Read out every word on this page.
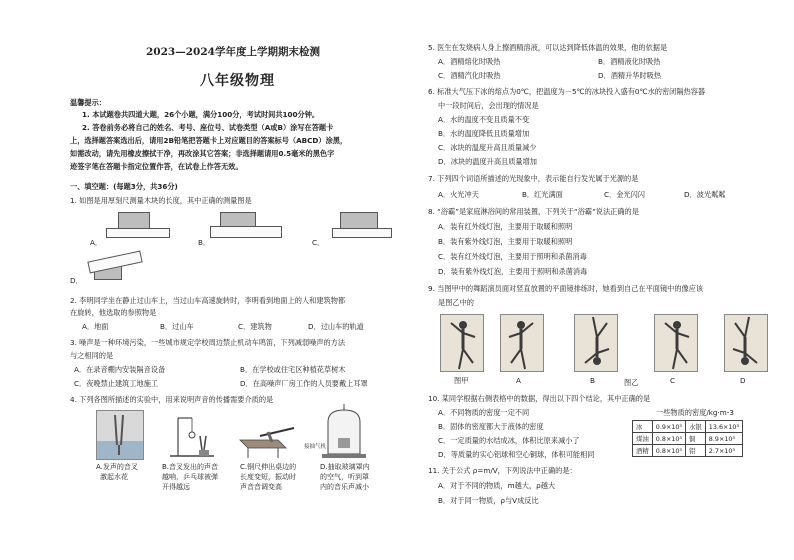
2023—2024学年度上学期期末检测
八年级物理
温馨提示：
1. 本试题卷共四道大题，26个小题，满分100分，考试时间共100分钟。
2. 答卷前务必将自己的姓名、考号、座位号、试卷类型（A或B）涂写在答题卡
上，选择题答案选出后，请用2B铅笔把答题卡上对应题目的答案标号（ABCD）涂黑，
如需改动，请先用橡皮擦拭干净，再改涂其它答案；非选择题请用0.5毫米的黑色字
迹签字笔在答题卡指定位置作答，在试卷上作答无效。
一、填空题：(每题3分，共36分)
1. 如图是用厚刻尺测量木块的长度，其中正确的测量图是
A．	B．	C．
D．
2. 李明同学坐在静止过山车上，当过山车高速旋转时，李明看到地面上的人和建筑物都
在旋转，他选取的参照物是
A．地面	B．过山车	C．建筑物	D．过山车的轨道
3. 噪声是一种环境污染，一些城市规定学校周边禁止机动车鸣笛，下列减弱噪声的方法
与之相同的是
A．在录音棚内安装隔音设备	B．在学校或住宅区种植花草树木
C．夜晚禁止建筑工地施工	D．在高噪声厂房工作的人员要戴上耳罩
4. 下列各图所描述的实验中，用来说明声音的传播需要介质的是
A.发声的音叉
激起水花
B.音叉发出的声音
越响，乒乓球被弹
开得越远
C.钢尺伸出桌边的
长度变短，振动时
声音音调变高
接抽气机
D.抽取玻璃罩内
的空气，听到罩
内的音乐声减小
5. 医生在发烧病人身上擦酒精溶液，可以达到降低体温的效果，他的依据是
A．酒精熔化时吸热	B．酒精液化时吸热
C．酒精汽化时吸热	D．酒精升华时吸热
6. 标准大气压下冰的熔点为0℃，把温度为－5℃的冰块投入盛有0℃水的密闭隔热容器
中一段时间后，会出现的情况是
A．水的温度不变且质量不变
B．水的温度降低且质量增加
C．冰块的温度升高且质量减少
D．冰块的温度升高且质量增加
7. 下列四个词语所描述的光现象中，表示能自行发光属于光源的是
A．火光冲天	B．红光满面	C．金光闪闪	D．波光粼粼
8. “浴霸”是家庭淋浴间的常用装置，下列关于“浴霸”说法正确的是
A．装有红外线灯泡，主要用于取暖和照明
B．装有紫外线灯泡，主要用于取暖和照明
C．装有红外线灯泡，主要用于照明和杀菌消毒
D．装有紫外线灯泡，主要用于照明和杀菌消毒
9. 当图甲中的舞蹈演员面对竖直放置的平面镜排练时，她看到自己在平面镜中的像应该
是图乙中的
图甲	A	B	图乙	C	D
10. 某同学根据右侧表格中的数据，得出以下四个结论，其中正确的是
A．不同物质的密度一定不同
B．固体的密度都大于液体的密度
C．一定质量的水结成冰，体积比原来减小了
D．等质量的实心铝球和空心铜球，体积可能相同
一些物质的密度/kg·m-3
冰	0.9×10³	水银	13.6×10³
煤油	0.8×10³	铜	8.9×10³
酒精	0.8×10³	铝	2.7×10³
11. 关于公式 ρ=m/V，下列说法中正确的是：
A．对于不同的物质，m越大，ρ越大
B．对于同一物质，ρ与V成反比
